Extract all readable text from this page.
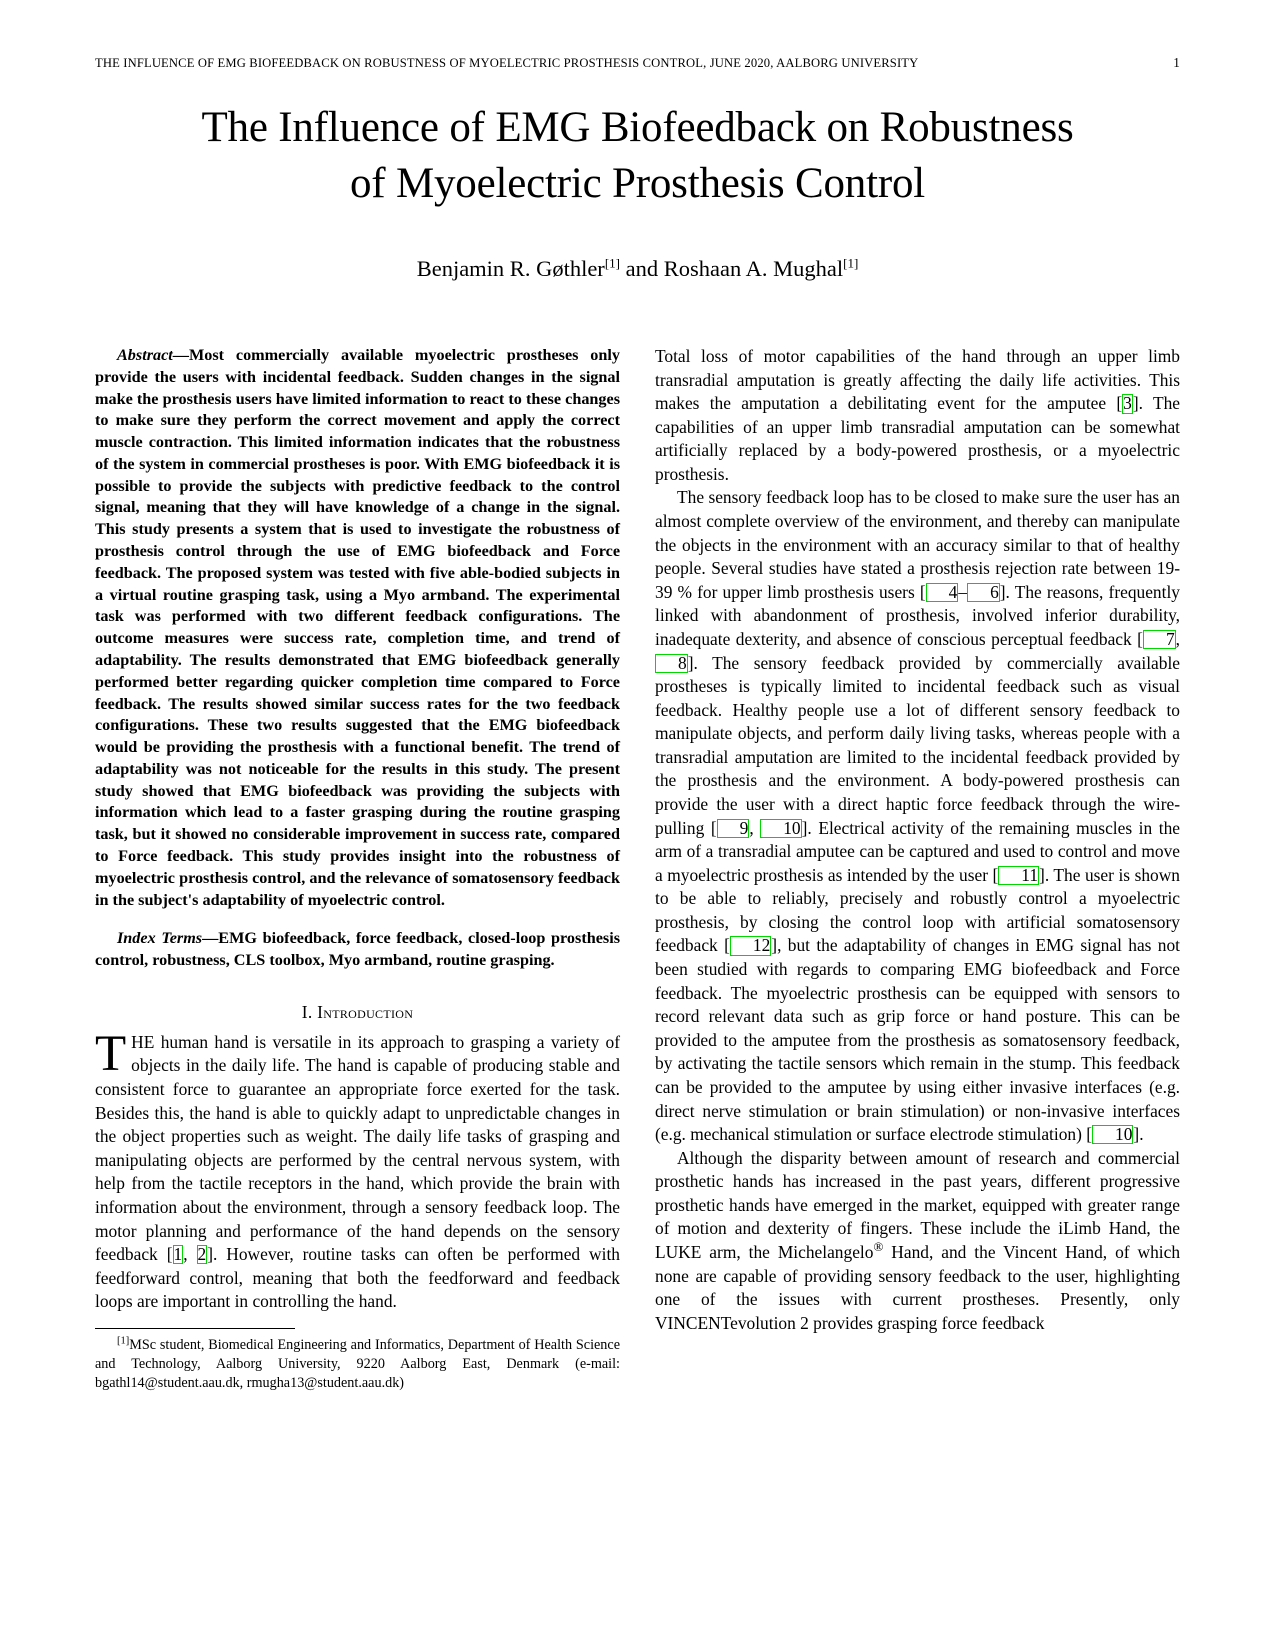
THE INFLUENCE OF EMG BIOFEEDBACK ON ROBUSTNESS OF MYOELECTRIC PROSTHESIS CONTROL, JUNE 2020, AALBORG UNIVERSITY	1
The Influence of EMG Biofeedback on Robustness
of Myoelectric Prosthesis Control
Benjamin R. Gøthler[1] and Roshaan A. Mughal[1]

Abstract—Most commercially available myoelectric prostheses only provide the users with incidental feedback. Sudden changes in the signal make the prosthesis users have limited information to react to these changes to make sure they perform the correct movement and apply the correct muscle contraction. This limited information indicates that the robustness of the system in commercial prostheses is poor. With EMG biofeedback it is possible to provide the subjects with predictive feedback to the control signal, meaning that they will have knowledge of a change in the signal. This study presents a system that is used to investigate the robustness of prosthesis control through the use of EMG biofeedback and Force feedback. The proposed system was tested with five able-bodied subjects in a virtual routine grasping task, using a Myo armband. The experimental task was performed with two different feedback configurations. The outcome measures were success rate, completion time, and trend of adaptability. The results demonstrated that EMG biofeedback generally performed better regarding quicker completion time compared to Force feedback. The results showed similar success rates for the two feedback configurations. These two results suggested that the EMG biofeedback would be providing the prosthesis with a functional benefit. The trend of adaptability was not noticeable for the results in this study. The present study showed that EMG biofeedback was providing the subjects with information which lead to a faster grasping during the routine grasping task, but it showed no considerable improvement in success rate, compared to Force feedback. This study provides insight into the robustness of myoelectric prosthesis control, and the relevance of somatosensory feedback in the subject's adaptability of myoelectric control.

Index Terms—EMG biofeedback, force feedback, closed-loop prosthesis control, robustness, CLS toolbox, Myo armband, routine grasping.

I. Introduction

THE human hand is versatile in its approach to grasping a variety of objects in the daily life. The hand is capable of producing stable and consistent force to guarantee an appropriate force exerted for the task. Besides this, the hand is able to quickly adapt to unpredictable changes in the object properties such as weight. The daily life tasks of grasping and manipulating objects are performed by the central nervous system, with help from the tactile receptors in the hand, which provide the brain with information about the environment, through a sensory feedback loop. The motor planning and performance of the hand depends on the sensory feedback [1, 2]. However, routine tasks can often be performed with feedforward control, meaning that both the feedforward and feedback loops are important in controlling the hand.

[1]MSc student, Biomedical Engineering and Informatics, Department of Health Science and Technology, Aalborg University, 9220 Aalborg East, Denmark (e-mail: bgathl14@student.aau.dk, rmugha13@student.aau.dk)

Total loss of motor capabilities of the hand through an upper limb transradial amputation is greatly affecting the daily life activities. This makes the amputation a debilitating event for the amputee [3]. The capabilities of an upper limb transradial amputation can be somewhat artificially replaced by a body-powered prosthesis, or a myoelectric prosthesis.

The sensory feedback loop has to be closed to make sure the user has an almost complete overview of the environment, and thereby can manipulate the objects in the environment with an accuracy similar to that of healthy people. Several studies have stated a prosthesis rejection rate between 19-39 % for upper limb prosthesis users [ 4– 6]. The reasons, frequently linked with abandonment of prosthesis, involved inferior durability, inadequate dexterity, and absence of conscious perceptual feedback [ 7, 8]. The sensory feedback provided by commercially available prostheses is typically limited to incidental feedback such as visual feedback. Healthy people use a lot of different sensory feedback to manipulate objects, and perform daily living tasks, whereas people with a transradial amputation are limited to the incidental feedback provided by the prosthesis and the environment. A body-powered prosthesis can provide the user with a direct haptic force feedback through the wire-pulling [ 9, 10]. Electrical activity of the remaining muscles in the arm of a transradial amputee can be captured and used to control and move a myoelectric prosthesis as intended by the user [ 11]. The user is shown to be able to reliably, precisely and robustly control a myoelectric prosthesis, by closing the control loop with artificial somatosensory feedback [ 12], but the adaptability of changes in EMG signal has not been studied with regards to comparing EMG biofeedback and Force feedback. The myoelectric prosthesis can be equipped with sensors to record relevant data such as grip force or hand posture. This can be provided to the amputee from the prosthesis as somatosensory feedback, by activating the tactile sensors which remain in the stump. This feedback can be provided to the amputee by using either invasive interfaces (e.g. direct nerve stimulation or brain stimulation) or non-invasive interfaces (e.g. mechanical stimulation or surface electrode stimulation) [ 10].

Although the disparity between amount of research and commercial prosthetic hands has increased in the past years, different progressive prosthetic hands have emerged in the market, equipped with greater range of motion and dexterity of fingers. These include the iLimb Hand, the LUKE arm, the Michelangelo® Hand, and the Vincent Hand, of which none are capable of providing sensory feedback to the user, highlighting one of the issues with current prostheses. Presently, only VINCENTevolution 2 provides grasping force feedback
